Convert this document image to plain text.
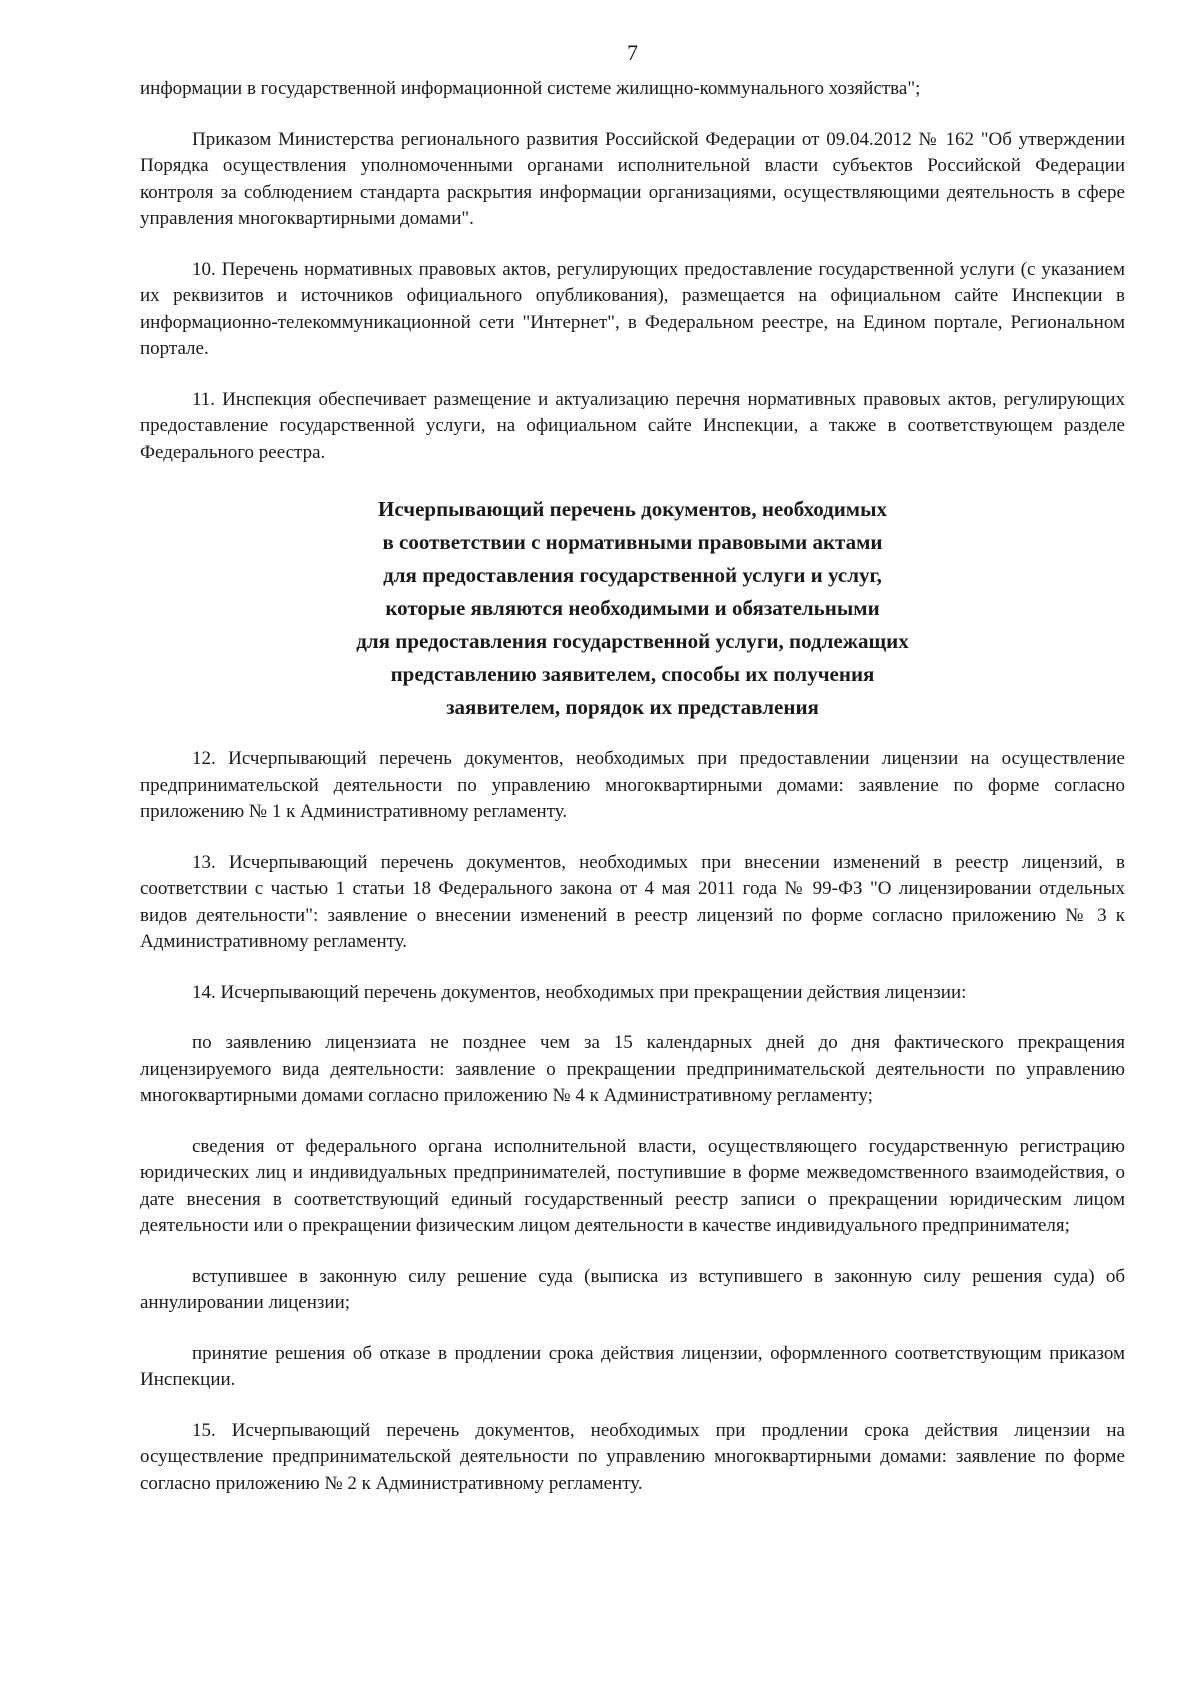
7

информации в государственной информационной системе жилищно-коммунального хозяйства";

Приказом Министерства регионального развития Российской Федерации от 09.04.2012 № 162 "Об утверждении Порядка осуществления уполномоченными органами исполнительной власти субъектов Российской Федерации контроля за соблюдением стандарта раскрытия информации организациями, осуществляющими деятельность в сфере управления многоквартирными домами".

10. Перечень нормативных правовых актов, регулирующих предоставление государственной услуги (с указанием их реквизитов и источников официального опубликования), размещается на официальном сайте Инспекции в информационно-телекоммуникационной сети "Интернет", в Федеральном реестре, на Едином портале, Региональном портале.

11. Инспекция обеспечивает размещение и актуализацию перечня нормативных правовых актов, регулирующих предоставление государственной услуги, на официальном сайте Инспекции, а также в соответствующем разделе Федерального реестра.

Исчерпывающий перечень документов, необходимых
в соответствии с нормативными правовыми актами
для предоставления государственной услуги и услуг,
которые являются необходимыми и обязательными
для предоставления государственной услуги, подлежащих
представлению заявителем, способы их получения
заявителем, порядок их представления

12. Исчерпывающий перечень документов, необходимых при предоставлении лицензии на осуществление предпринимательской деятельности по управлению многоквартирными домами: заявление по форме согласно приложению № 1 к Административному регламенту.

13. Исчерпывающий перечень документов, необходимых при внесении изменений в реестр лицензий, в соответствии с частью 1 статьи 18 Федерального закона от 4 мая 2011 года № 99-ФЗ "О лицензировании отдельных видов деятельности": заявление о внесении изменений в реестр лицензий по форме согласно приложению № 3 к Административному регламенту.

14. Исчерпывающий перечень документов, необходимых при прекращении действия лицензии:

по заявлению лицензиата не позднее чем за 15 календарных дней до дня фактического прекращения лицензируемого вида деятельности: заявление о прекращении предпринимательской деятельности по управлению многоквартирными домами согласно приложению № 4 к Административному регламенту;

сведения от федерального органа исполнительной власти, осуществляющего государственную регистрацию юридических лиц и индивидуальных предпринимателей, поступившие в форме межведомственного взаимодействия, о дате внесения в соответствующий единый государственный реестр записи о прекращении юридическим лицом деятельности или о прекращении физическим лицом деятельности в качестве индивидуального предпринимателя;

вступившее в законную силу решение суда (выписка из вступившего в законную силу решения суда) об аннулировании лицензии;

принятие решения об отказе в продлении срока действия лицензии, оформленного соответствующим приказом Инспекции.

15. Исчерпывающий перечень документов, необходимых при продлении срока действия лицензии на осуществление предпринимательской деятельности по управлению многоквартирными домами: заявление по форме согласно приложению № 2 к Административному регламенту.
